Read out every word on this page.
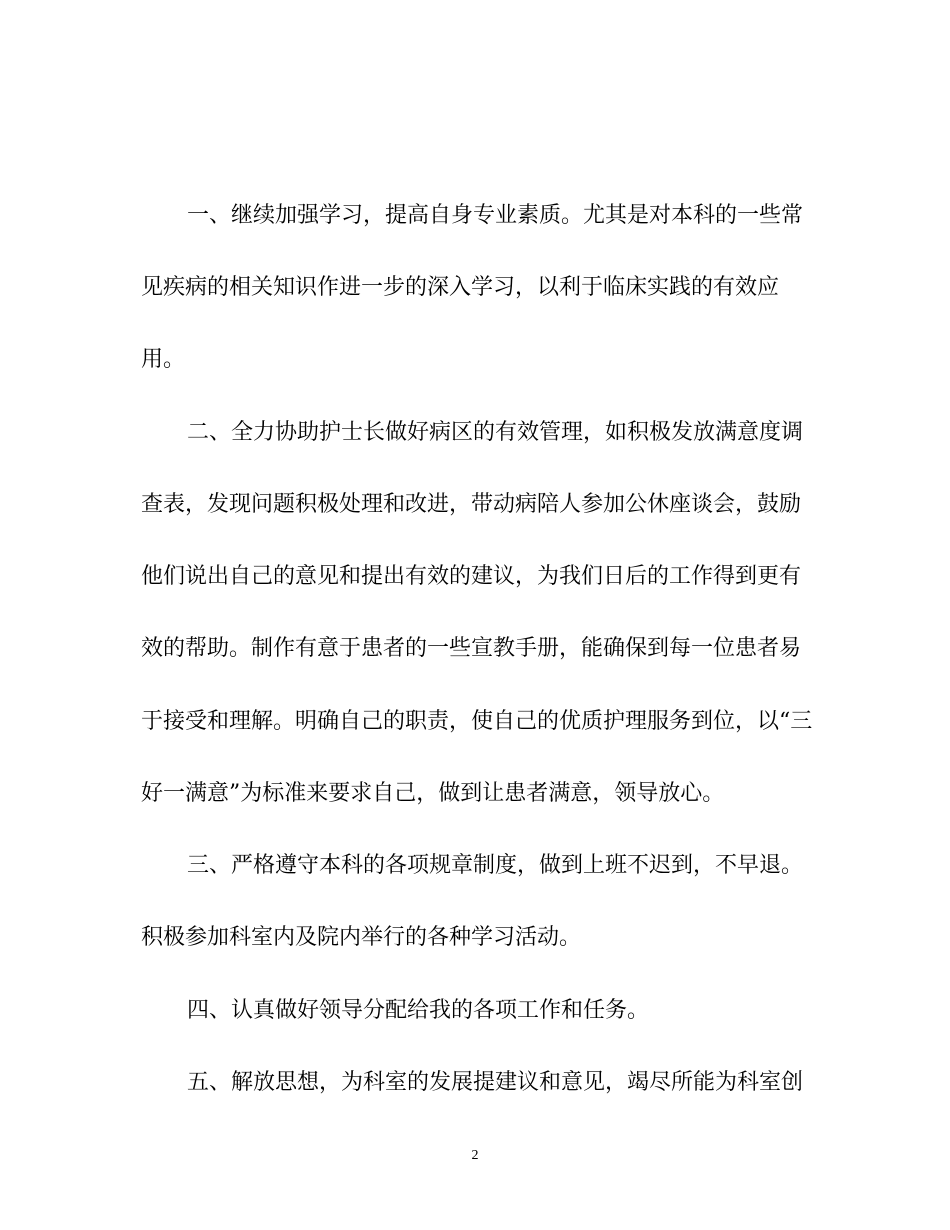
一、继续加强学习，提高自身专业素质。尤其是对本科的一些常
见疾病的相关知识作进一步的深入学习，以利于临床实践的有效应
用。
二、全力协助护士长做好病区的有效管理，如积极发放满意度调
查表，发现问题积极处理和改进，带动病陪人参加公休座谈会，鼓励
他们说出自己的意见和提出有效的建议，为我们日后的工作得到更有
效的帮助。制作有意于患者的一些宣教手册，能确保到每一位患者易
于接受和理解。明确自己的职责，使自己的优质护理服务到位，以“三
好一满意”为标准来要求自己，做到让患者满意，领导放心。
三、严格遵守本科的各项规章制度，做到上班不迟到，不早退。
积极参加科室内及院内举行的各种学习活动。
四、认真做好领导分配给我的各项工作和任务。
五、解放思想，为科室的发展提建议和意见，竭尽所能为科室创
2
